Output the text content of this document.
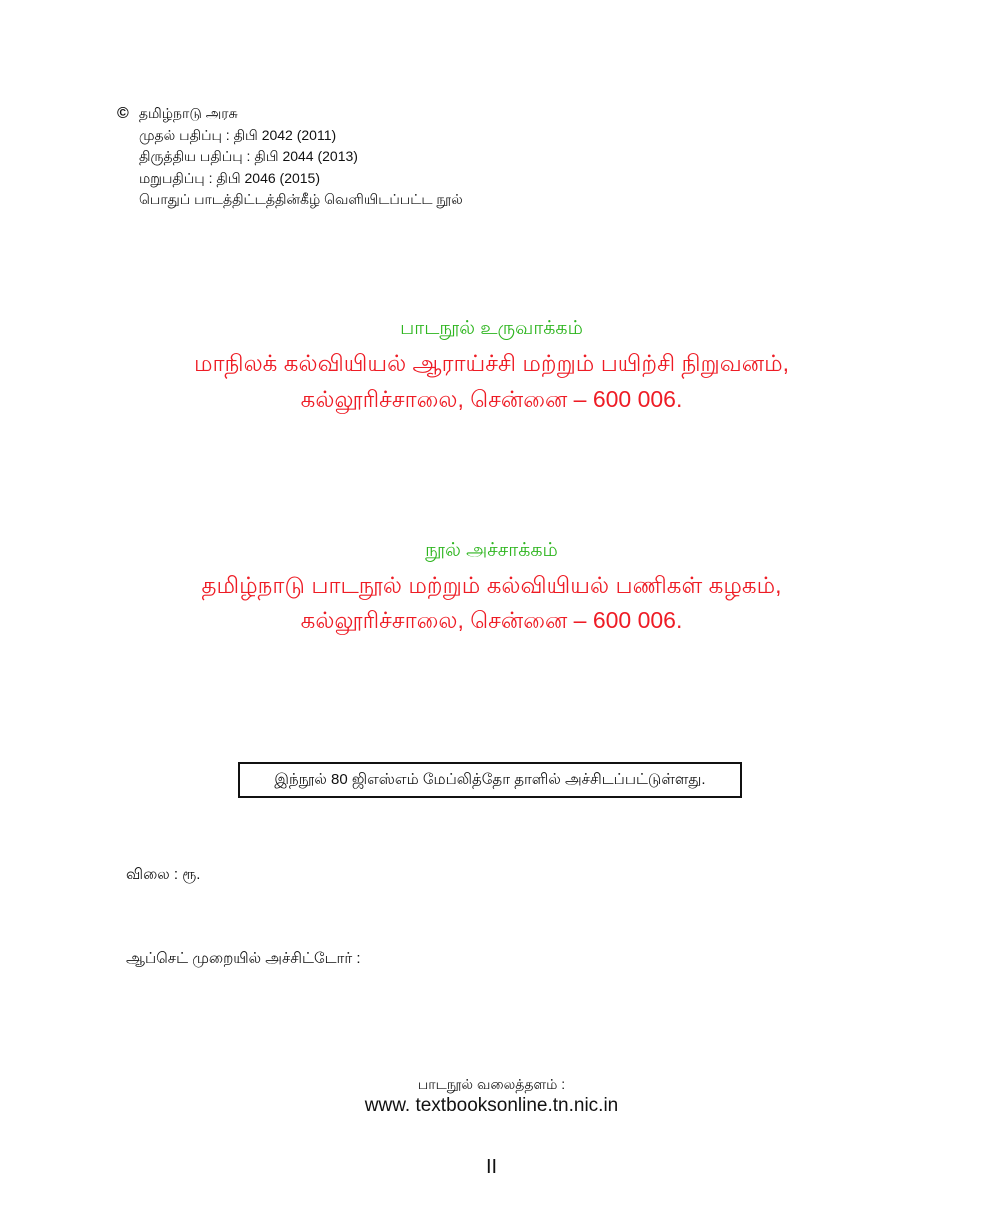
© தமிழ்நாடு அரசு
முதல் பதிப்பு : திபி 2042 (2011)
திருத்திய பதிப்பு : திபி 2044 (2013)
மறுபதிப்பு : திபி 2046 (2015)
பொதுப் பாடத்திட்டத்தின்கீழ் வெளியிடப்பட்ட நூல்
பாடநூல் உருவாக்கம்
மாநிலக் கல்வியியல் ஆராய்ச்சி மற்றும் பயிற்சி நிறுவனம்,
கல்லூரிச்சாலை, சென்னை – 600 006.
நூல் அச்சாக்கம்
தமிழ்நாடு பாடநூல் மற்றும் கல்வியியல் பணிகள் கழகம்,
கல்லூரிச்சாலை, சென்னை – 600 006.
இந்நூல் 80 ஜிஎஸ்எம் மேப்லித்தோ தாளில் அச்சிடப்பட்டுள்ளது.
விலை : ரூ.
ஆப்செட் முறையில் அச்சிட்டோர் :
பாடநூல் வலைத்தளம் :
www. textbooksonline.tn.nic.in
II
